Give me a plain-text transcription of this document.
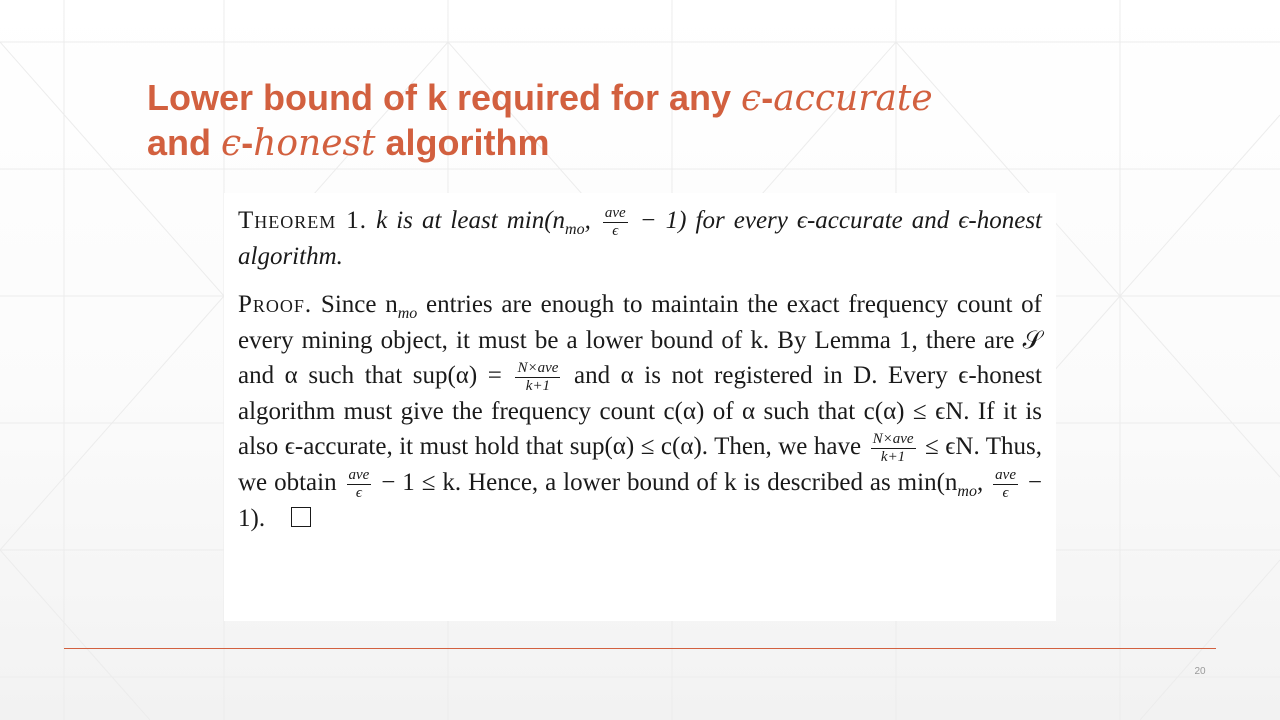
Lower bound of k required for any ϵ-accurate
and ϵ-honest algorithm

Theorem 1. k is at least $\min(n_{mo}$, $\frac{\text{ave}}{\epsilon} - 1$) for every ϵ-accurate and ϵ-honest algorithm.

Proof. Since $n_{mo}$ entries are enough to maintain the exact frequency count of every mining object, it must be a lower bound of k. By Lemma 1, there are 𝒮 and α such that $sup(\alpha) = \frac{\text{N×ave}}{k+1}$ and α is not registered in D. Every ϵ-honest algorithm must give the frequency count c(α) of α such that c(α) ≤ ϵN. If it is also ϵ-accurate, it must hold that sup(α) ≤ c(α). Then, we have $\frac{\text{N×ave}}{k+1} \le \epsilon N$. Thus, we obtain $\frac{\text{ave}}{\epsilon} - 1 \le k$. Hence, a lower bound of k is described as $\min(n_{mo}$, $\frac{\text{ave}}{\epsilon} - 1$).

20
